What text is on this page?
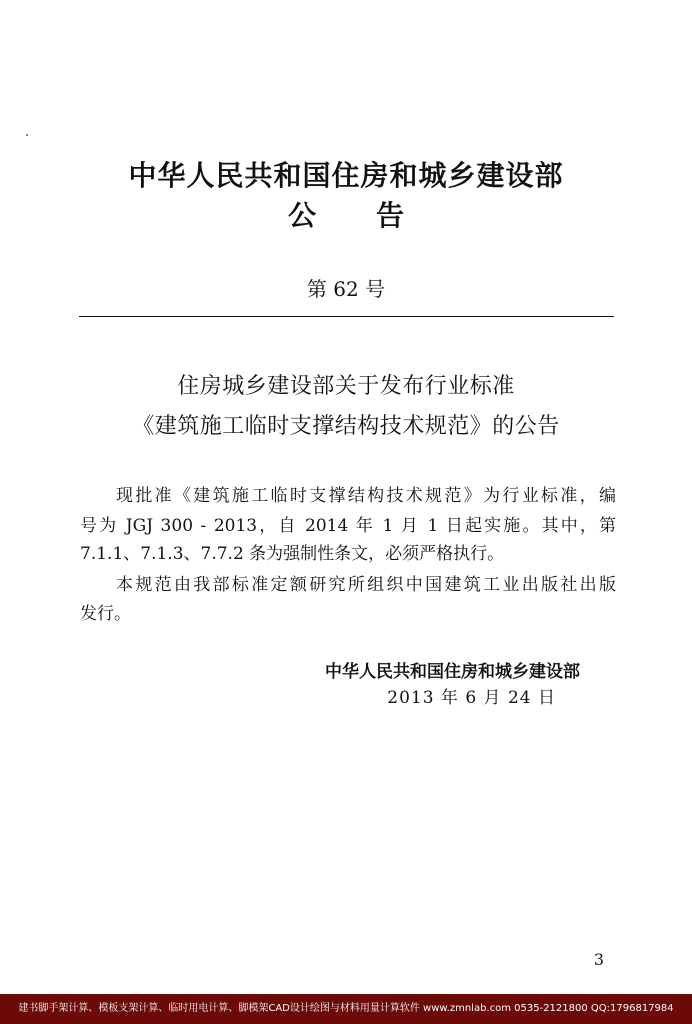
中华人民共和国住房和城乡建设部
公告
第 62 号
住房城乡建设部关于发布行业标准
《建筑施工临时支撑结构技术规范》的公告
现批准《建筑施工临时支撑结构技术规范》为行业标准，编
号为 JGJ 300 - 2013，自 2014 年 1 月 1 日起实施。其中，第
7.1.1、7.1.3、7.7.2 条为强制性条文，必须严格执行。
本规范由我部标准定额研究所组织中国建筑工业出版社出版
发行。
中华人民共和国住房和城乡建设部
2013 年 6 月 24 日
3
建书脚手架计算、模板支架计算、临时用电计算、脚模架CAD设计绘图与材料用量计算软件 www.zmnlab.com 0535-2121800 QQ:1796817984
